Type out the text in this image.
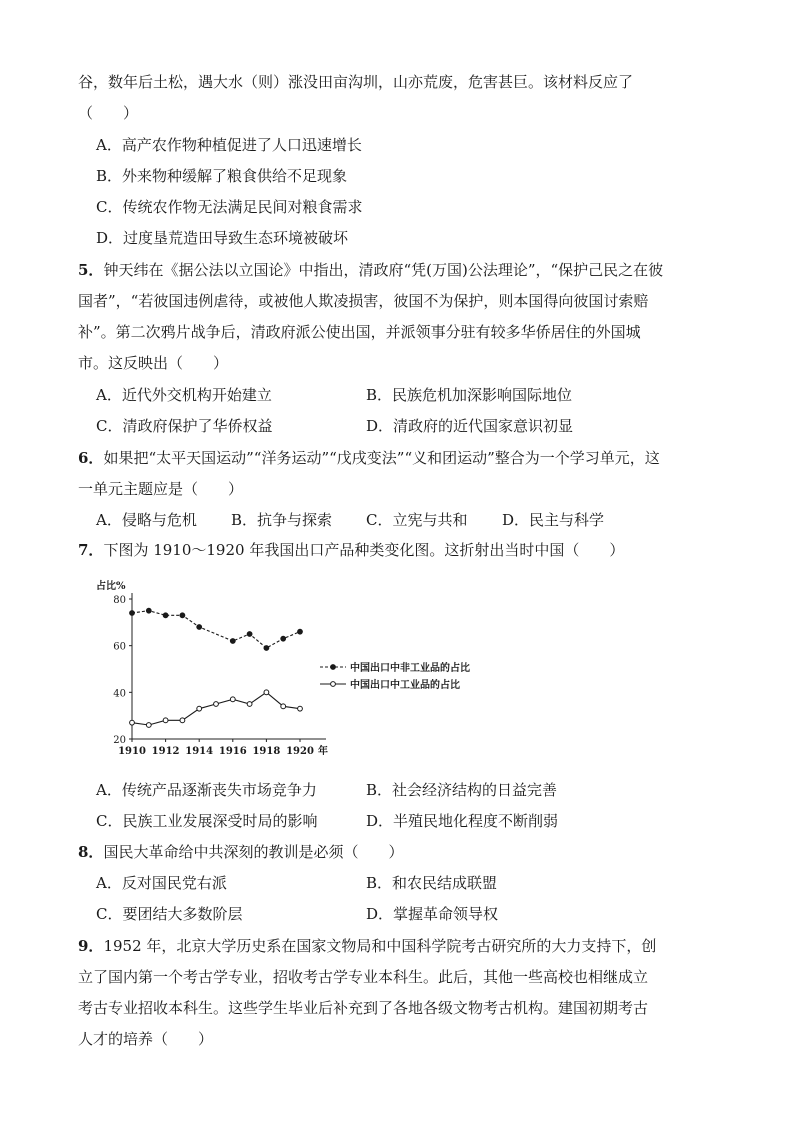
谷，数年后土松，遇大水（则）涨没田亩沟圳，山亦荒废，危害甚巨。该材料反应了
（　　）
A．高产农作物种植促进了人口迅速增长
B．外来物种缓解了粮食供给不足现象
C．传统农作物无法满足民间对粮食需求
D．过度垦荒造田导致生态环境被破坏
5．钟天纬在《据公法以立国论》中指出，清政府“凭(万国)公法理论”，“保护己民之在彼
国者”，“若彼国违例虐待，或被他人欺凌损害，彼国不为保护，则本国得向彼国讨索赔
补”。第二次鸦片战争后，清政府派公使出国，并派领事分驻有较多华侨居住的外国城
市。这反映出（　　）
A．近代外交机构开始建立	B．民族危机加深影响国际地位
C．清政府保护了华侨权益	D．清政府的近代国家意识初显
6．如果把“太平天国运动”“洋务运动”“戊戌变法”“义和团运动”整合为一个学习单元，这
一单元主题应是（　　）
A．侵略与危机 B．抗争与探索 C．立宪与共和 D．民主与科学
7．下图为 1910～1920 年我国出口产品种类变化图。这折射出当时中国（　　）
占比%
20
40
60
80
1910 1912 1914 1916 1918 1920 年
中国出口中非工业品的占比
中国出口中工业品的占比
A．传统产品逐渐丧失市场竞争力	B．社会经济结构的日益完善
C．民族工业发展深受时局的影响	D．半殖民地化程度不断削弱
8．国民大革命给中共深刻的教训是必须（　　）
A．反对国民党右派	B．和农民结成联盟
C．要团结大多数阶层	D．掌握革命领导权
9．1952 年，北京大学历史系在国家文物局和中国科学院考古研究所的大力支持下，创
立了国内第一个考古学专业，招收考古学专业本科生。此后，其他一些高校也相继成立
考古专业招收本科生。这些学生毕业后补充到了各地各级文物考古机构。建国初期考古
人才的培养（　　）
